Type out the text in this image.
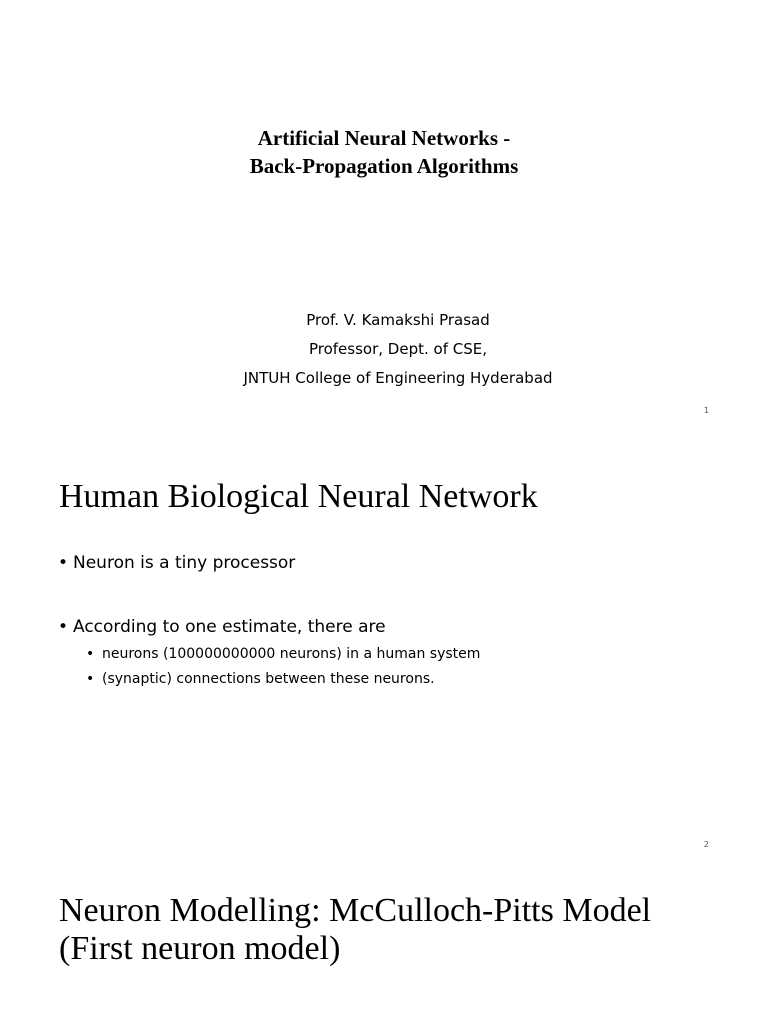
Artificial Neural Networks -
Back-Propagation Algorithms
Prof. V. Kamakshi Prasad
Professor, Dept. of CSE,
JNTUH College of Engineering Hyderabad
1
Human Biological Neural Network
• Neuron is a tiny processor
• According to one estimate, there are
• neurons (100000000000 neurons) in a human system
• (synaptic) connections between these neurons.
2
Neuron Modelling: McCulloch-Pitts Model
(First neuron model)
